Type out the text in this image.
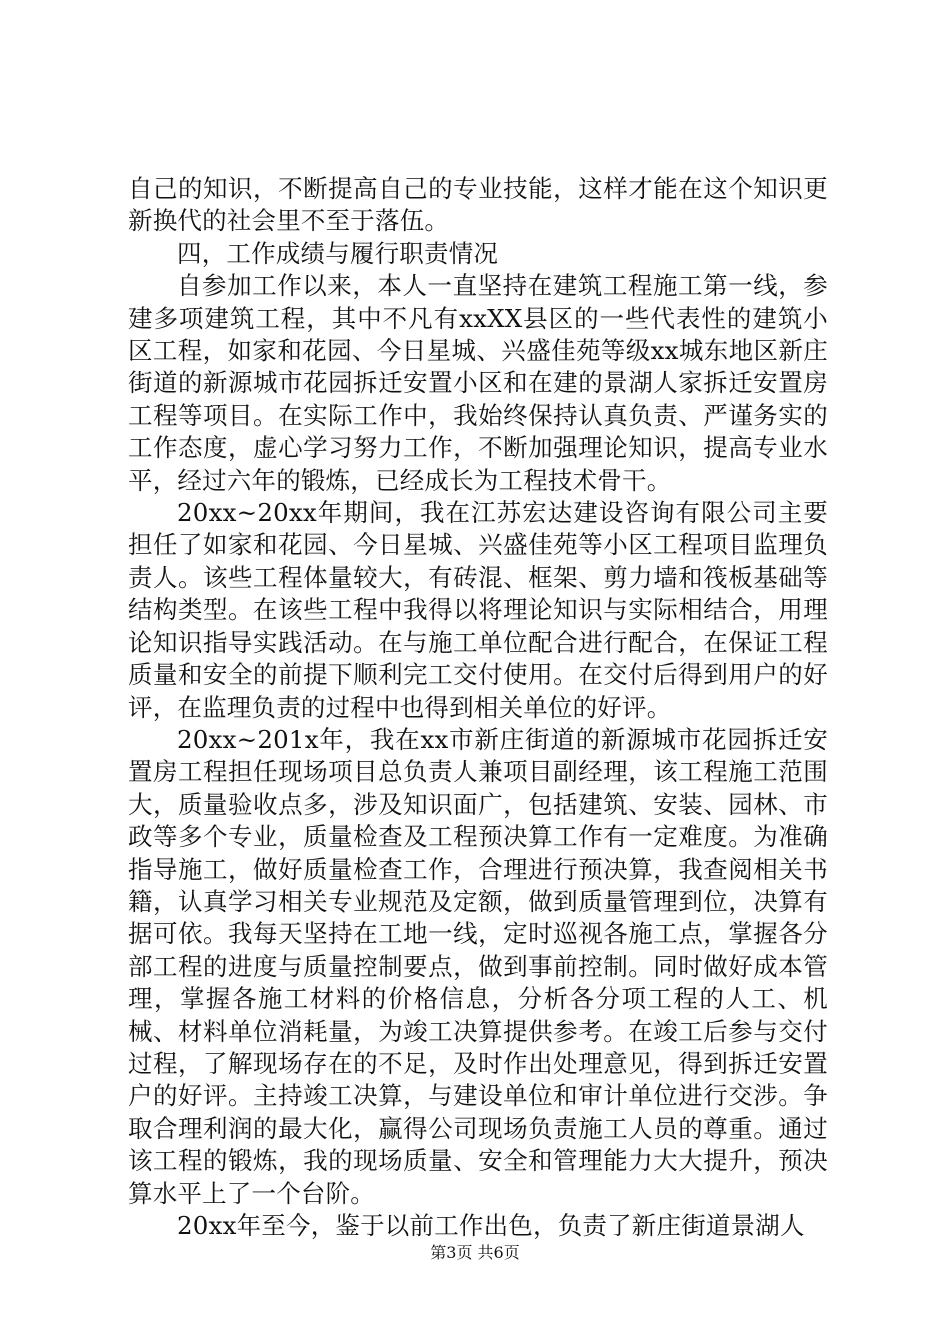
自己的知识，不断提高自己的专业技能，这样才能在这个知识更新换代的社会里不至于落伍。

四，工作成绩与履行职责情况

自参加工作以来，本人一直坚持在建筑工程施工第一线，参建多项建筑工程，其中不凡有xxXX县区的一些代表性的建筑小区工程，如家和花园、今日星城、兴盛佳苑等级xx城东地区新庄街道的新源城市花园拆迁安置小区和在建的景湖人家拆迁安置房工程等项目。在实际工作中，我始终保持认真负责、严谨务实的工作态度，虚心学习努力工作，不断加强理论知识，提高专业水平，经过六年的锻炼，已经成长为工程技术骨干。

20xx~20xx年期间，我在江苏宏达建设咨询有限公司主要担任了如家和花园、今日星城、兴盛佳苑等小区工程项目监理负责人。该些工程体量较大，有砖混、框架、剪力墙和筏板基础等结构类型。在该些工程中我得以将理论知识与实际相结合，用理论知识指导实践活动。在与施工单位配合进行配合，在保证工程质量和安全的前提下顺利完工交付使用。在交付后得到用户的好评，在监理负责的过程中也得到相关单位的好评。

20xx~201x年，我在xx市新庄街道的新源城市花园拆迁安置房工程担任现场项目总负责人兼项目副经理，该工程施工范围大，质量验收点多，涉及知识面广，包括建筑、安装、园林、市政等多个专业，质量检查及工程预决算工作有一定难度。为准确指导施工，做好质量检查工作，合理进行预决算，我查阅相关书籍，认真学习相关专业规范及定额，做到质量管理到位，决算有据可依。我每天坚持在工地一线，定时巡视各施工点，掌握各分部工程的进度与质量控制要点，做到事前控制。同时做好成本管理，掌握各施工材料的价格信息，分析各分项工程的人工、机械、材料单位消耗量，为竣工决算提供参考。在竣工后参与交付过程，了解现场存在的不足，及时作出处理意见，得到拆迁安置户的好评。主持竣工决算，与建设单位和审计单位进行交涉。争取合理利润的最大化，赢得公司现场负责施工人员的尊重。通过该工程的锻炼，我的现场质量、安全和管理能力大大提升，预决算水平上了一个台阶。

20xx年至今，鉴于以前工作出色，负责了新庄街道景湖人

第3页 共6页
